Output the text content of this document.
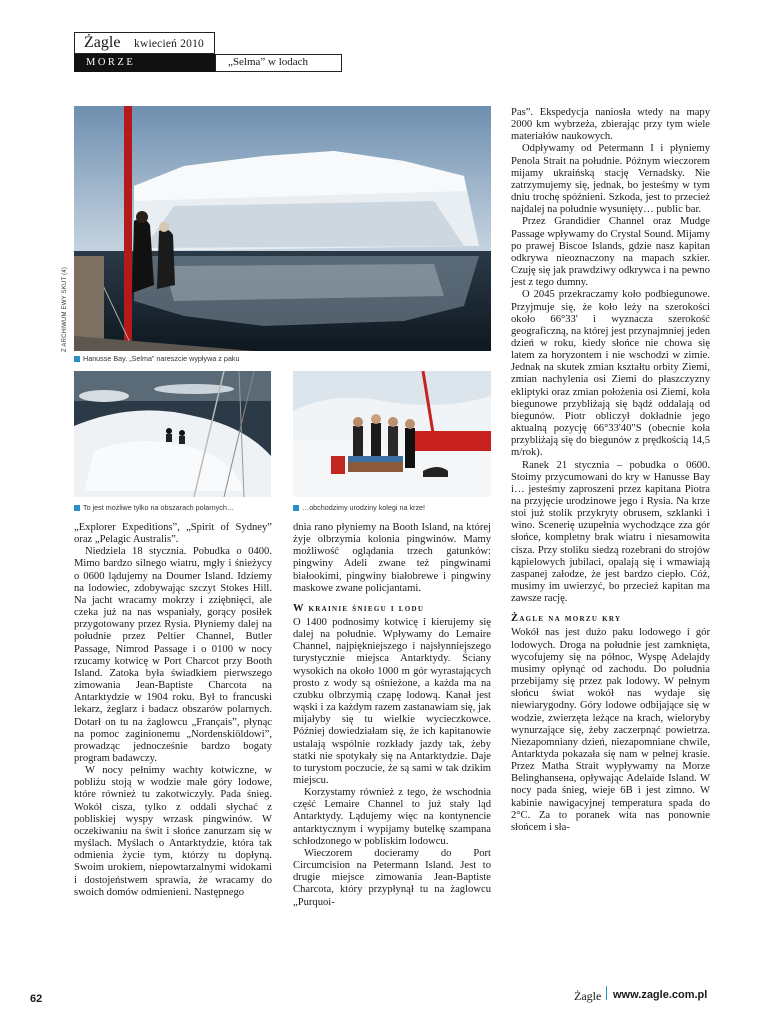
Żagle kwiecień 2010
MORZE	„Selma” w lodach
Z ARCHIWUM EWY SKUT (4)
Hanusse Bay. „Selma” nareszcie wypływa z paku
To jest możliwe tylko na obszarach polarnych…	…obchodzimy urodziny kolegi na krze!

„Explorer Expeditions”, „Spirit of Sydney” oraz „Pelagic Australis”.

Niedziela 18 stycznia. Pobudka o 0400. Mimo bardzo silnego wiatru, mgły i śnieżycy o 0600 lądujemy na Doumer Island. Idziemy na lodowiec, zdobywając szczyt Stokes Hill. Na jacht wracamy mokrzy i zziębnięci, ale czeka już na nas wspaniały, gorący posiłek przygotowany przez Rysia. Płyniemy dalej na południe przez Peltier Channel, Butler Passage, Nimrod Passage i o 0100 w nocy rzucamy kotwicę w Port Charcot przy Booth Island. Zatoka była świadkiem pierwszego zimowania Jean-Baptiste Charcota na Antarktydzie w 1904 roku. Był to francuski lekarz, żeglarz i badacz obszarów polarnych. Dotarł on tu na żaglowcu „Français”, płynąc na pomoc zaginionemu „Nordenskiöldowi”, prowadząc jednocześnie bardzo bogaty program badawczy.

W nocy pełnimy wachty kotwiczne, w pobliżu stoją w wodzie małe góry lodowe, które również tu zakotwiczyły. Pada śnieg. Wokół cisza, tylko z oddali słychać z pobliskiej wyspy wrzask pingwinów. W oczekiwaniu na świt i słońce zanurzam się w myślach. Myślach o Antarktydzie, która tak odmienia życie tym, którzy tu dopłyną. Swoim urokiem, niepowtarzalnymi widokami i dostojeństwem sprawia, że wracamy do swoich domów odmienieni. Następnego

dnia rano płyniemy na Booth Island, na której żyje olbrzymia kolonia pingwinów. Mamy możliwość oglądania trzech gatunków: pingwiny Adeli zwane też pingwinami białookimi, pingwiny białobrewe i pingwiny maskowe zwane policjantami.

W krainie śniegu i lodu

O 1400 podnosimy kotwicę i kierujemy się dalej na południe. Wpływamy do Lemaire Channel, najpiękniejszego i najsłynniejszego turystycznie miejsca Antarktydy. Ściany wysokich na około 1000 m gór wyrastających prosto z wody są ośnieżone, a każda ma na czubku olbrzymią czapę lodową. Kanał jest wąski i za każdym razem zastanawiam się, jak mijałyby się tu wielkie wycieczkowce. Później dowiedziałam się, że ich kapitanowie ustalają wspólnie rozkłady jazdy tak, żeby statki nie spotykały się na Antarktydzie. Daje to turystom poczucie, że są sami w tak dzikim miejscu.

Korzystamy również z tego, że wschodnia część Lemaire Channel to już stały ląd Antarktydy. Lądujemy więc na kontynencie antarktycznym i wypijamy butelkę szampana schłodzonego w pobliskim lodowcu.

Wieczorem docieramy do Port Circumcision na Petermann Island. Jest to drugie miejsce zimowania Jean-Baptiste Charcota, który przypłynął tu na żaglowcu „Purquoi-

Pas”. Ekspedycja naniosła wtedy na mapy 2000 km wybrzeża, zbierając przy tym wiele materiałów naukowych.

Odpływamy od Petermann I i płyniemy Penola Strait na południe. Późnym wieczorem mijamy ukraińską stację Vernadsky. Nie zatrzymujemy się, jednak, bo jesteśmy w tym dniu trochę spóźnieni. Szkoda, jest to przecież najdalej na południe wysunięty… public bar.

Przez Grandidier Channel oraz Mudge Passage wpływamy do Crystal Sound. Mijamy po prawej Biscoe Islands, gdzie nasz kapitan odkrywa nieoznaczony na mapach szkier. Czuję się jak prawdziwy odkrywca i na pewno jest z tego dumny.

O 2045 przekraczamy koło podbiegunowe. Przyjmuje się, że koło leży na szerokości około 66°33' i wyznacza szerokość geograficzną, na której jest przynajmniej jeden dzień w roku, kiedy słońce nie chowa się latem za horyzontem i nie wschodzi w zimie. Jednak na skutek zmian kształtu orbity Ziemi, zmian nachylenia osi Ziemi do płaszczyzny ekliptyki oraz zmian położenia osi Ziemi, koła biegunowe przybliżają się bądź oddalają od biegunów. Piotr obliczył dokładnie jego aktualną pozycję 66°33'40"S (obecnie koła przybliżają się do biegunów z prędkością 14,5 m/rok).

Ranek 21 stycznia – pobudka o 0600. Stoimy przycumowani do kry w Hanusse Bay i… jesteśmy zaproszeni przez kapitana Piotra na przyjęcie urodzinowe jego i Rysia. Na krze stoi już stolik przykryty obrusem, szklanki i wino. Scenerię uzupełnia wychodzące zza gór słońce, kompletny brak wiatru i niesamowita cisza. Przy stoliku siedzą rozebrani do strojów kąpielowych jubilaci, opalają się i wmawiają zaspanej załodze, że jest bardzo ciepło. Cóż, musimy im uwierzyć, bo przecież kapitan ma zawsze rację.

Żagle na morzu kry

Wokół nas jest dużo paku lodowego i gór lodowych. Droga na południe jest zamknięta, wycofujemy się na północ, Wyspę Adelajdy musimy opłynąć od zachodu. Do południa przebijamy się przez pak lodowy. W pełnym słońcu świat wokół nas wydaje się niewiarygodny. Góry lodowe odbijające się w wodzie, zwierzęta leżące na krach, wieloryby wynurzające się, żeby zaczerpnąć powietrza. Niezapomniany dzień, niezapomniane chwile, Antarktyda pokazała się nam w pełnej krasie. Przez Matha Strait wypływamy na Morze Belinghanseна, opływając Adelaide Island. W nocy pada śnieg, wieje 6B i jest zimno. W kabinie nawigacyjnej temperatura spada do 2°C. Za to poranek wita nas ponownie słońcem i sła-

62	Żagle www.zagle.com.pl
